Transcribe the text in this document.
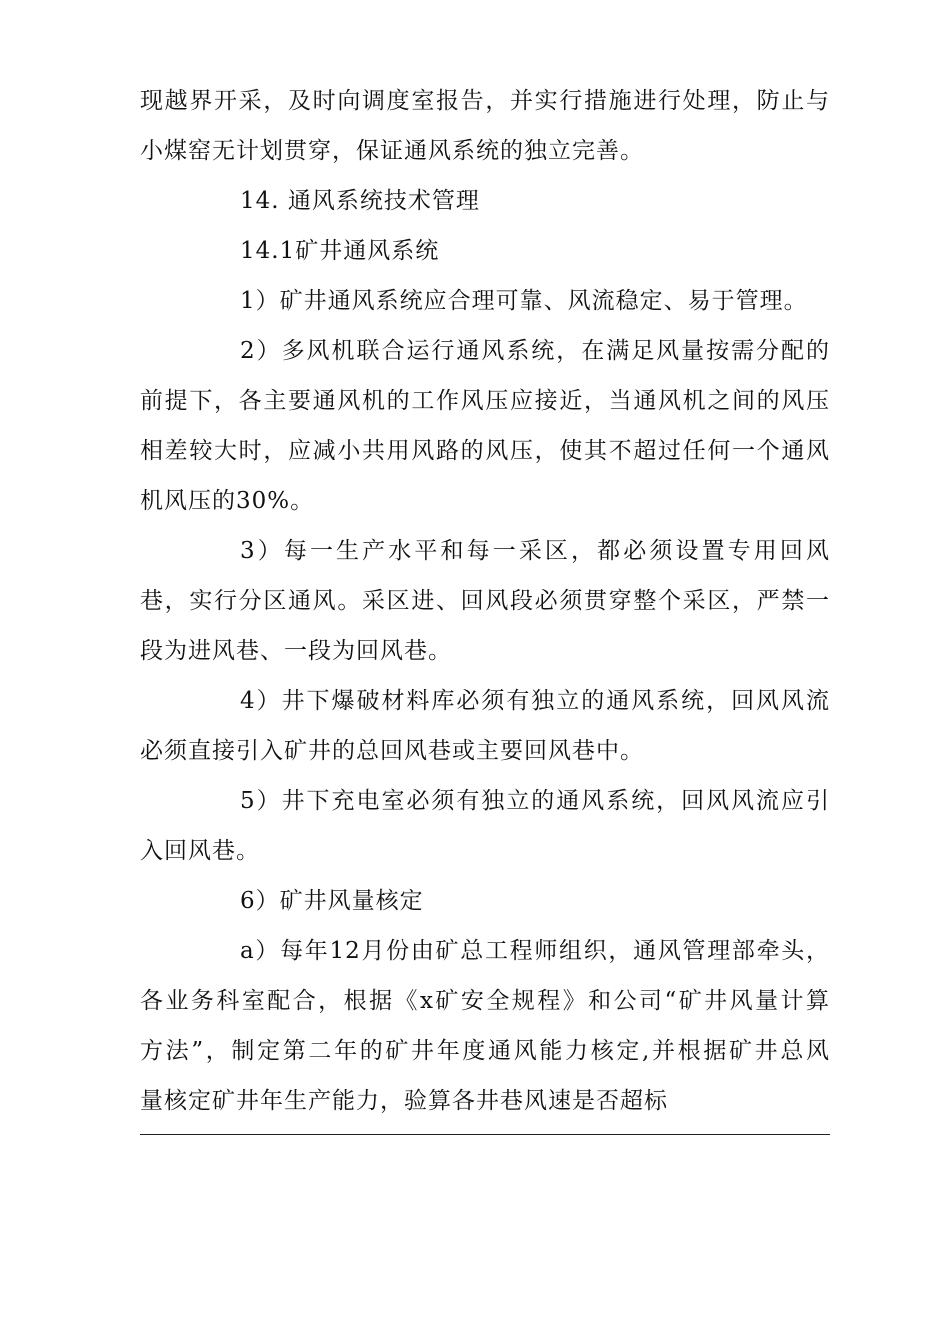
现越界开采，及时向调度室报告，并实行措施进行处理，防止与
小煤窑无计划贯穿，保证通风系统的独立完善。
14. 通风系统技术管理
14.1矿井通风系统
1）矿井通风系统应合理可靠、风流稳定、易于管理。
2）多风机联合运行通风系统，在满足风量按需分配的
前提下，各主要通风机的工作风压应接近，当通风机之间的风压
相差较大时，应减小共用风路的风压，使其不超过任何一个通风
机风压的30%。
3）每一生产水平和每一采区，都必须设置专用回风
巷，实行分区通风。采区进、回风段必须贯穿整个采区，严禁一
段为进风巷、一段为回风巷。
4）井下爆破材料库必须有独立的通风系统，回风风流
必须直接引入矿井的总回风巷或主要回风巷中。
5）井下充电室必须有独立的通风系统，回风风流应引
入回风巷。
6）矿井风量核定
a）每年12月份由矿总工程师组织，通风管理部牵头，
各业务科室配合，根据《x矿安全规程》和公司“矿井风量计算
方法”，制定第二年的矿井年度通风能力核定,并根据矿井总风
量核定矿井年生产能力，验算各井巷风速是否超标
